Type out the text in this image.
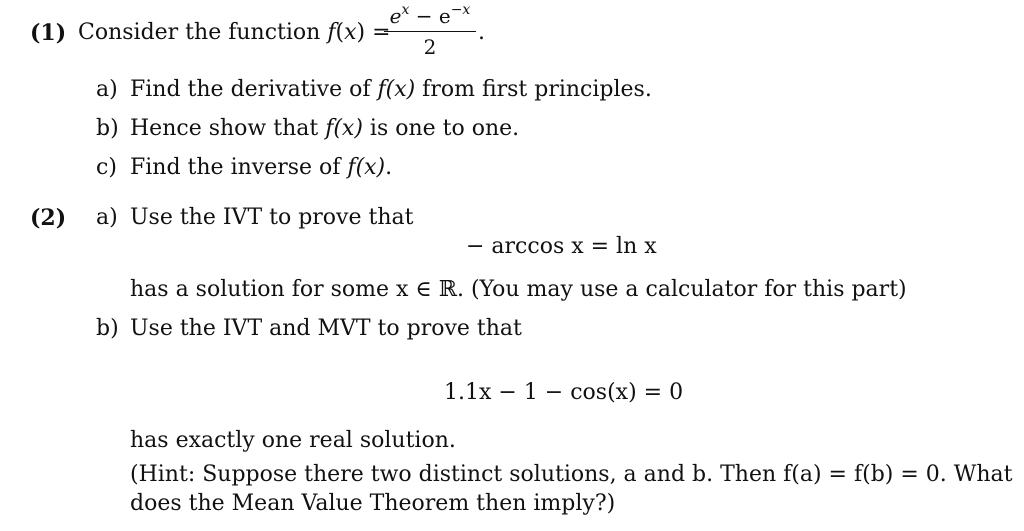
(1) Consider the function f(x) =
$e^x - e^{-x}$
2
.
a) Find the derivative of f(x) from first principles.
b) Hence show that f(x) is one to one.
c) Find the inverse of f(x).
(2) a) Use the IVT to prove that
− arccos x = ln x
has a solution for some x ∈ ℝ. (You may use a calculator for this part)
b) Use the IVT and MVT to prove that
1.1x − 1 − cos(x) = 0
has exactly one real solution.
(Hint: Suppose there two distinct solutions, a and b. Then f(a) = f(b) = 0. What
does the Mean Value Theorem then imply?)
